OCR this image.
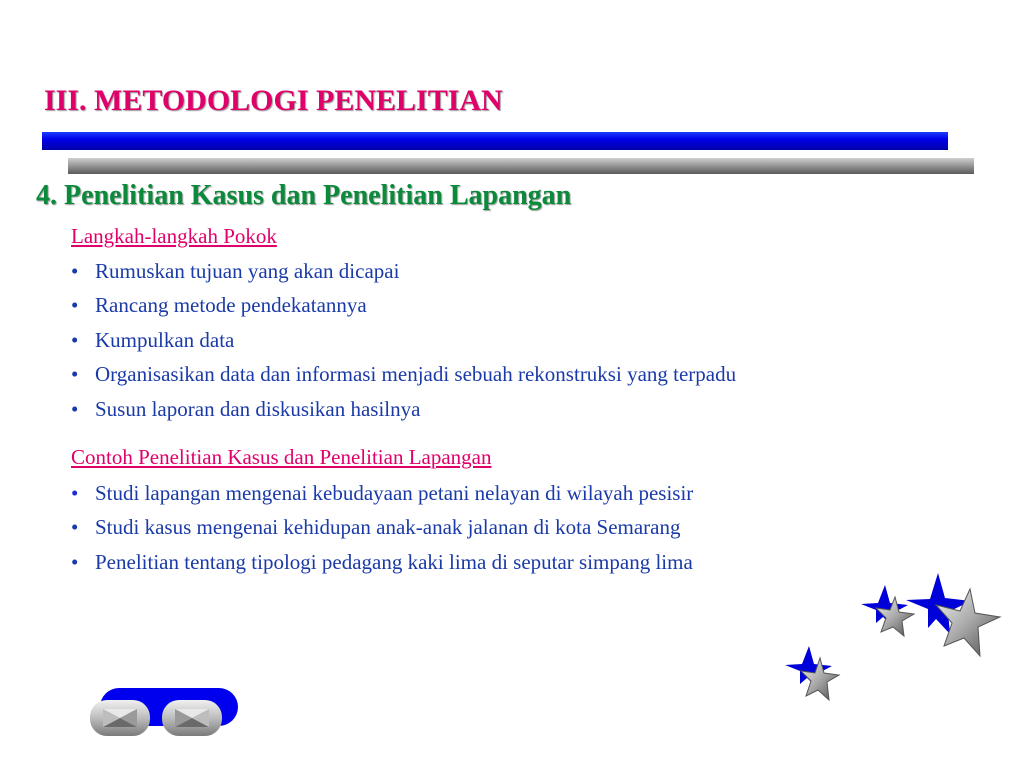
III. METODOLOGI PENELITIAN
4. Penelitian Kasus dan Penelitian Lapangan
Langkah-langkah Pokok
• Rumuskan tujuan yang akan dicapai
• Rancang metode pendekatannya
• Kumpulkan data
• Organisasikan data dan informasi menjadi sebuah rekonstruksi yang terpadu
• Susun laporan dan diskusikan hasilnya
Contoh Penelitian Kasus dan Penelitian Lapangan
• Studi lapangan mengenai kebudayaan petani nelayan di wilayah pesisir
• Studi kasus mengenai kehidupan anak-anak jalanan di kota Semarang
• Penelitian tentang tipologi pedagang kaki lima di seputar simpang lima
